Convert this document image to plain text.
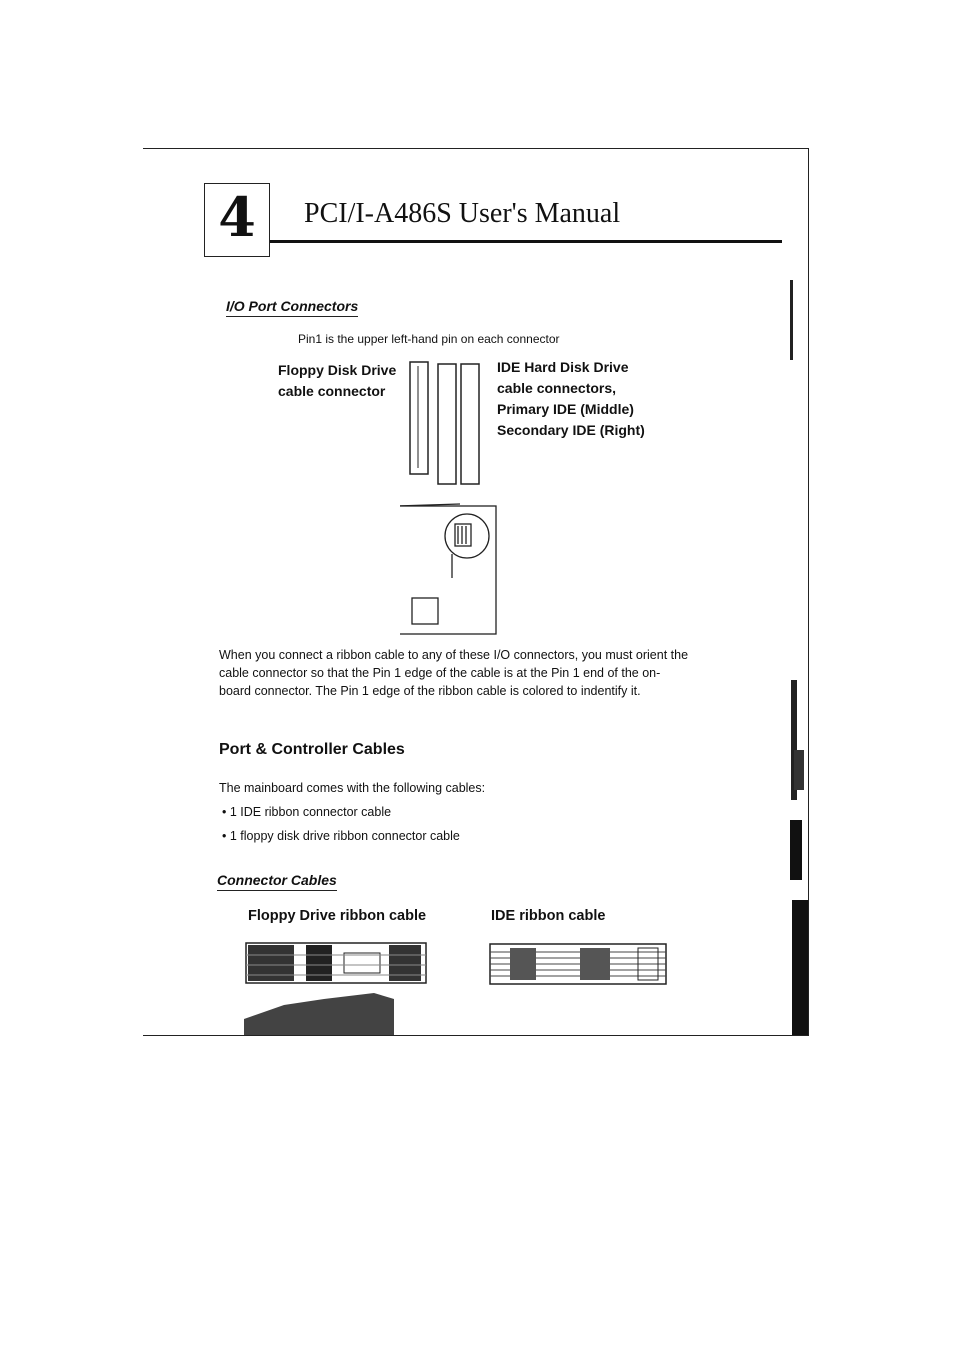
4	PCI/I-A486S User's Manual
I/O Port Connectors
Pin1 is the upper left-hand pin on each connector
Floppy Disk Drive
cable connector
IDE Hard Disk Drive
cable connectors,
Primary IDE (Middle)
Secondary IDE (Right)
When you connect a ribbon cable to any of these I/O connectors, you must orient the cable connector so that the Pin 1 edge of the cable is at the Pin 1 end of the on-board connector. The Pin 1 edge of the ribbon cable is colored to indentify it.
Port & Controller Cables
The mainboard comes with the following cables:
• 1 IDE ribbon connector cable
• 1 floppy disk drive ribbon connector cable
Connector Cables
Floppy Drive ribbon cable	IDE ribbon cable
